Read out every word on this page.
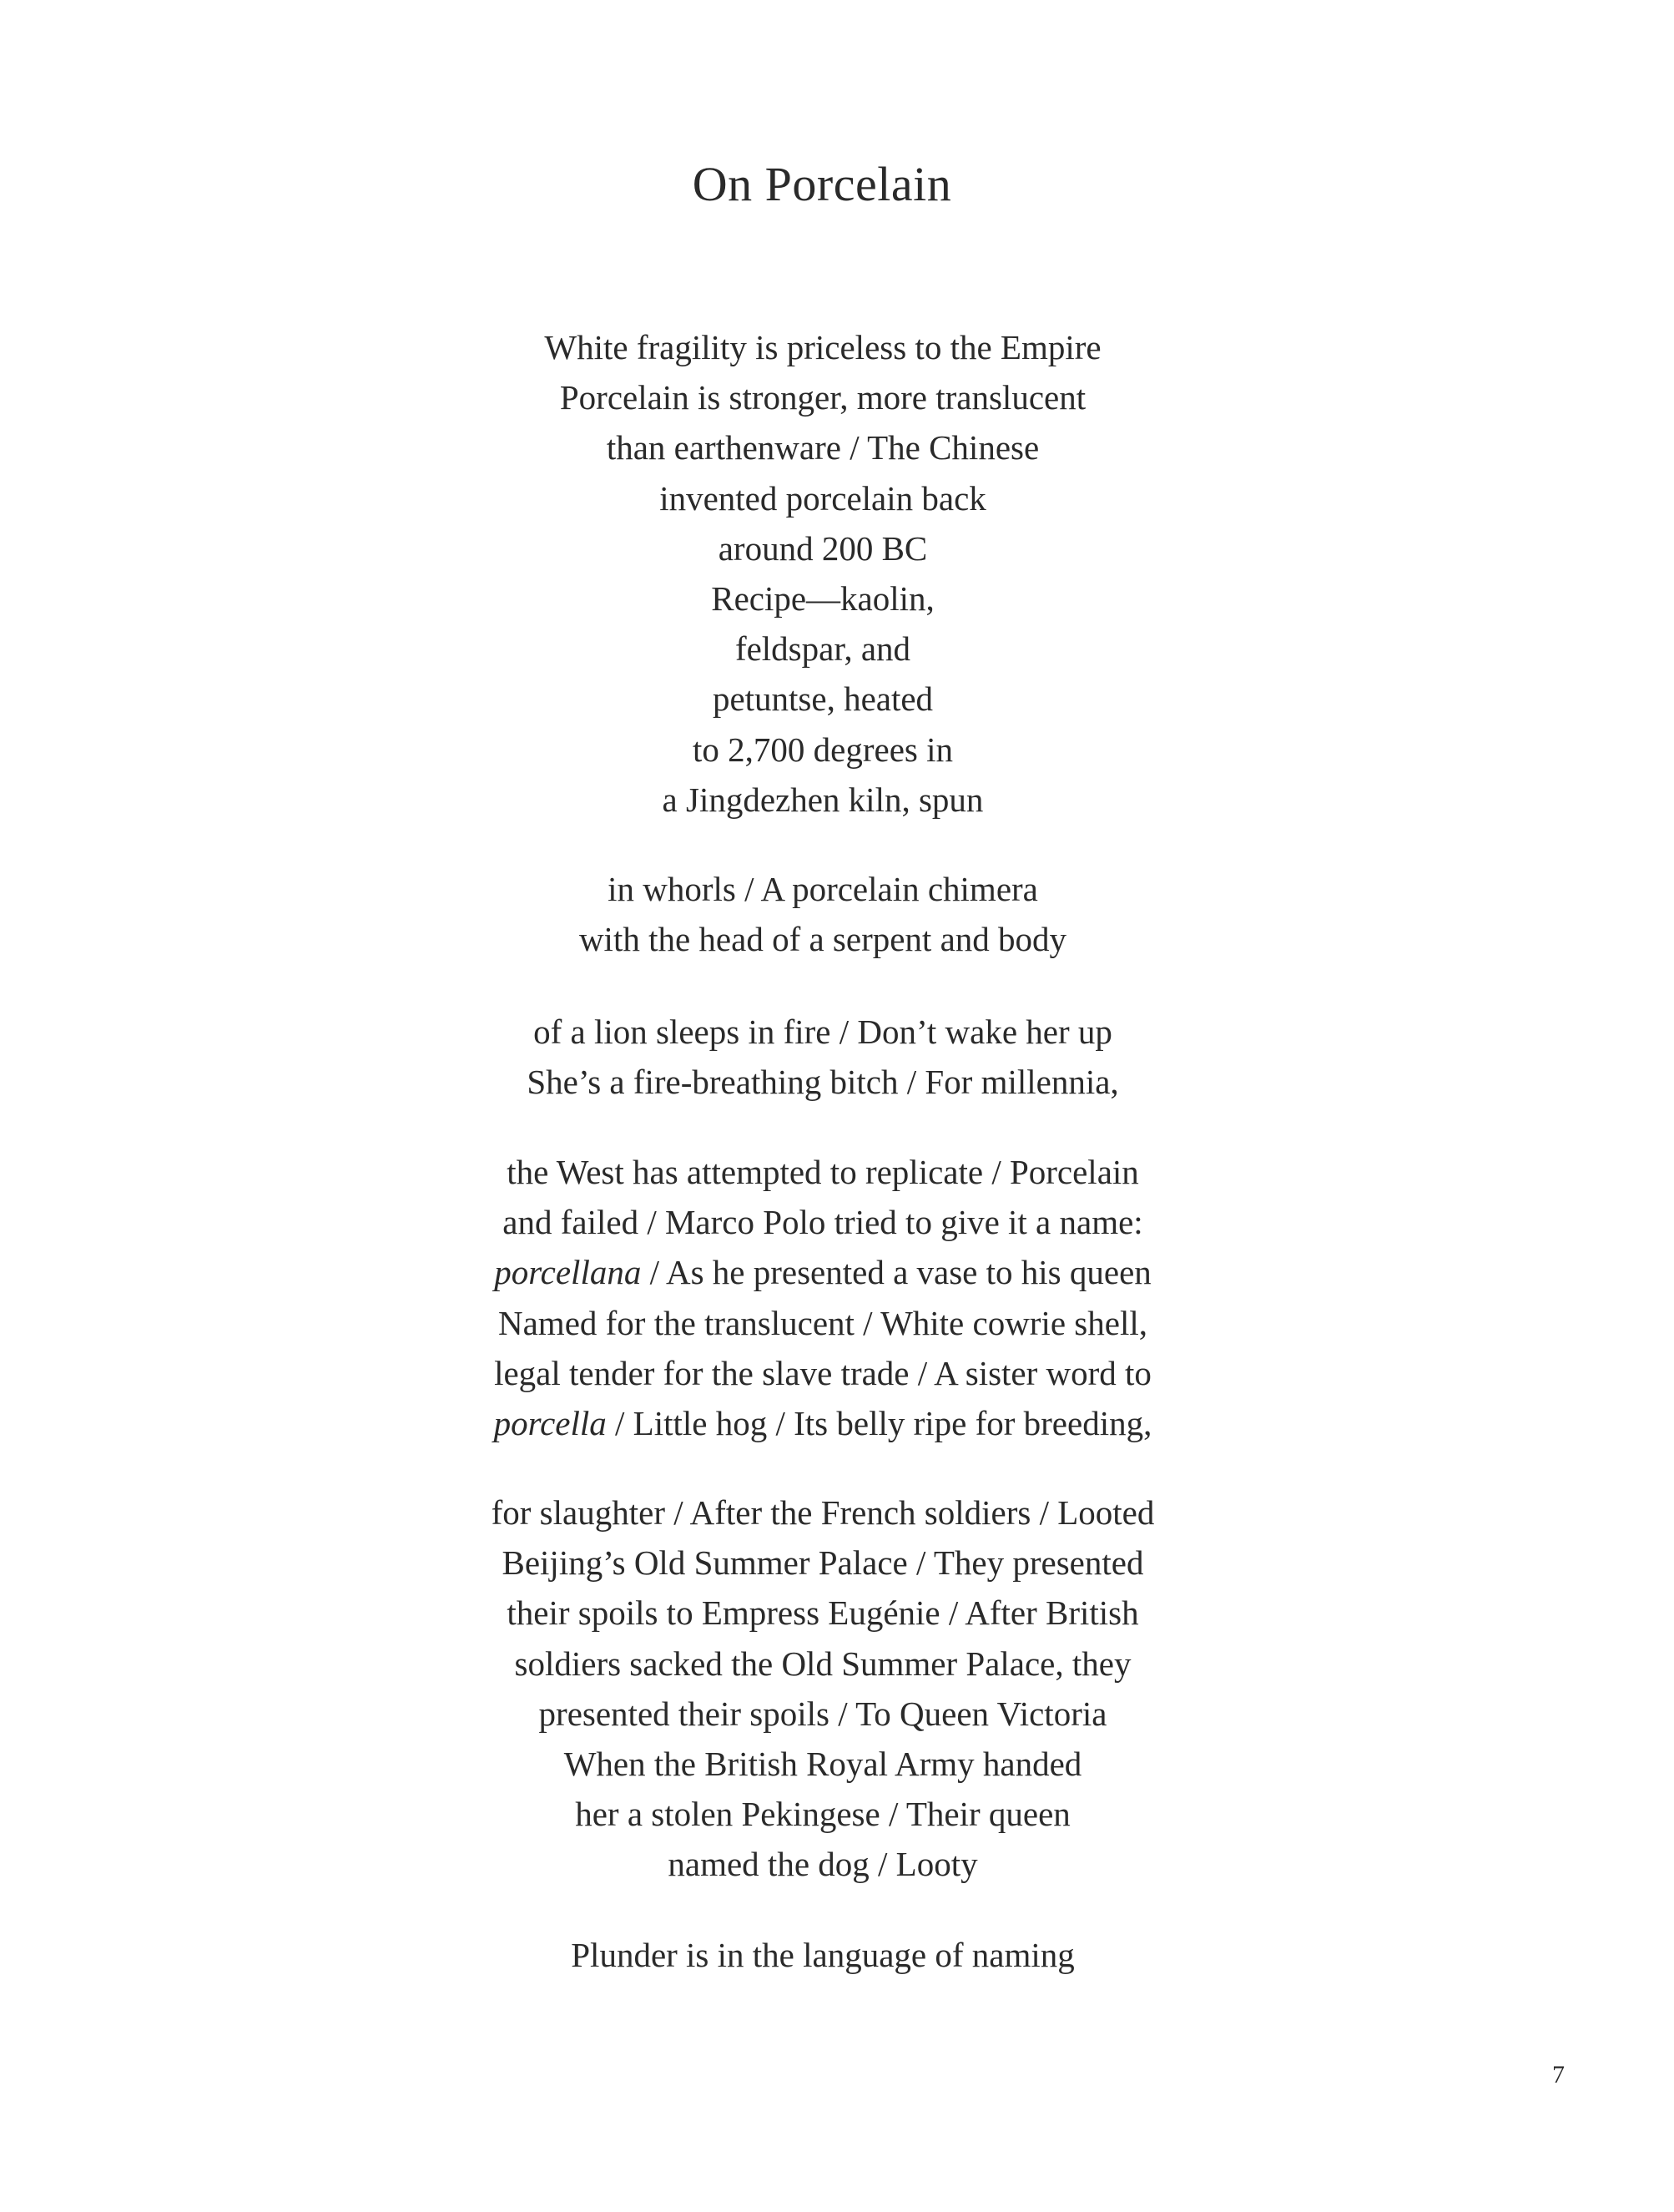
On Porcelain
White fragility is priceless to the Empire
Porcelain is stronger, more translucent
than earthenware / The Chinese
invented porcelain back
around 200 BC
Recipe—kaolin,
feldspar, and
petuntse, heated
to 2,700 degrees in
a Jingdezhen kiln, spun
in whorls / A porcelain chimera
with the head of a serpent and body
of a lion sleeps in fire / Don’t wake her up
She’s a fire-breathing bitch / For millennia,
the West has attempted to replicate / Porcelain
and failed / Marco Polo tried to give it a name:
porcellana / As he presented a vase to his queen
Named for the translucent / White cowrie shell,
legal tender for the slave trade / A sister word to
porcella / Little hog / Its belly ripe for breeding,
for slaughter / After the French soldiers / Looted
Beijing’s Old Summer Palace / They presented
their spoils to Empress Eugénie / After British
soldiers sacked the Old Summer Palace, they
presented their spoils / To Queen Victoria
When the British Royal Army handed
her a stolen Pekingese / Their queen
named the dog / Looty
Plunder is in the language of naming
7
